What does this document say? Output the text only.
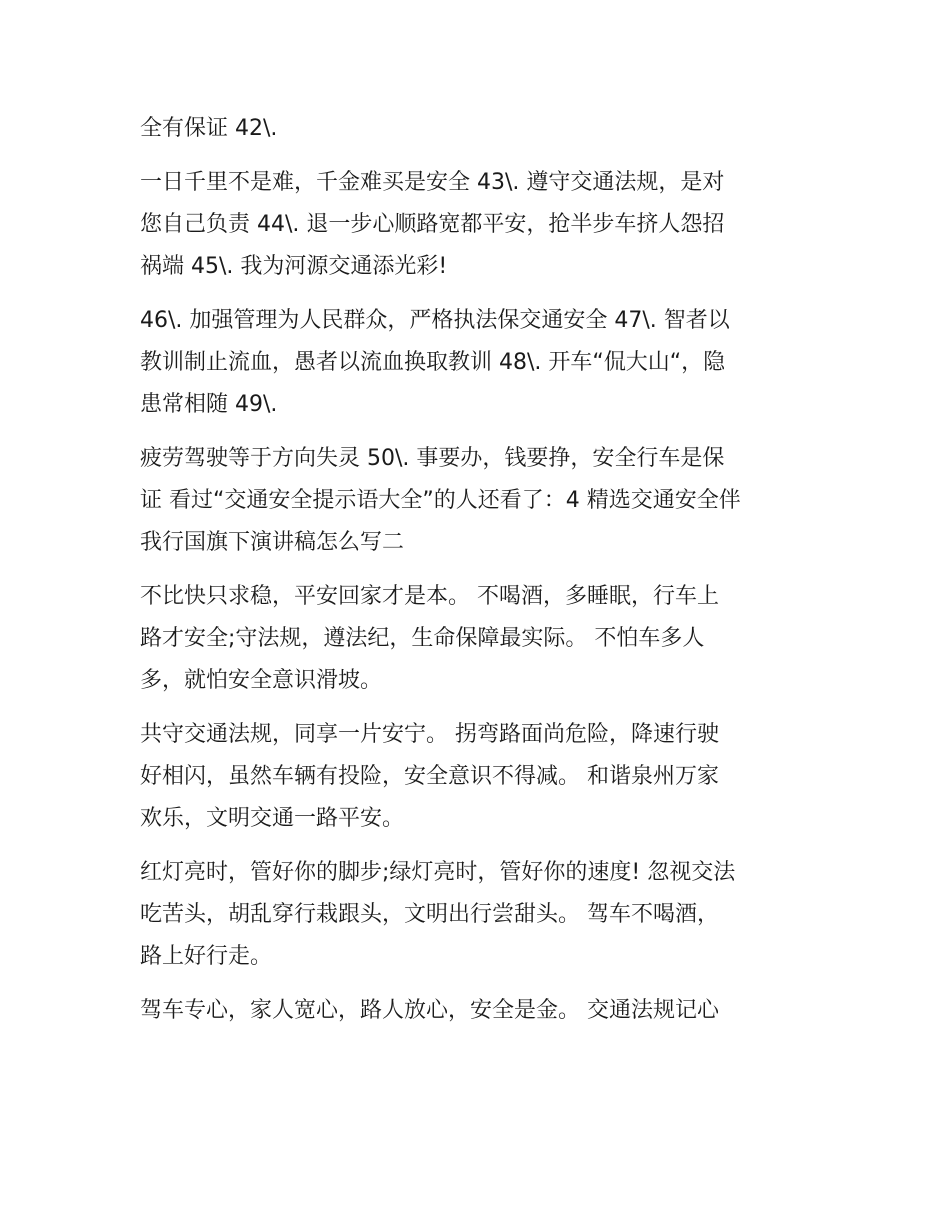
全有保证 42\.
一日千里不是难，千金难买是安全 43\. 遵守交通法规，是对
您自己负责 44\. 退一步心顺路宽都平安，抢半步车挤人怨招
祸端 45\. 我为河源交通添光彩!
46\. 加强管理为人民群众，严格执法保交通安全 47\. 智者以
教训制止流血，愚者以流血换取教训 48\. 开车“侃大山“，隐
患常相随 49\.
疲劳驾驶等于方向失灵 50\. 事要办，钱要挣，安全行车是保
证 看过“交通安全提示语大全”的人还看了：4 精选交通安全伴
我行国旗下演讲稿怎么写二
不比快只求稳，平安回家才是本。 不喝酒，多睡眠，行车上
路才安全;守法规，遵法纪，生命保障最实际。 不怕车多人
多，就怕安全意识滑坡。
共守交通法规，同享一片安宁。 拐弯路面尚危险，降速行驶
好相闪，虽然车辆有投险，安全意识不得减。 和谐泉州万家
欢乐，文明交通一路平安。
红灯亮时，管好你的脚步;绿灯亮时，管好你的速度! 忽视交法
吃苦头，胡乱穿行栽跟头，文明出行尝甜头。 驾车不喝酒，
路上好行走。
驾车专心，家人宽心，路人放心，安全是金。 交通法规记心
